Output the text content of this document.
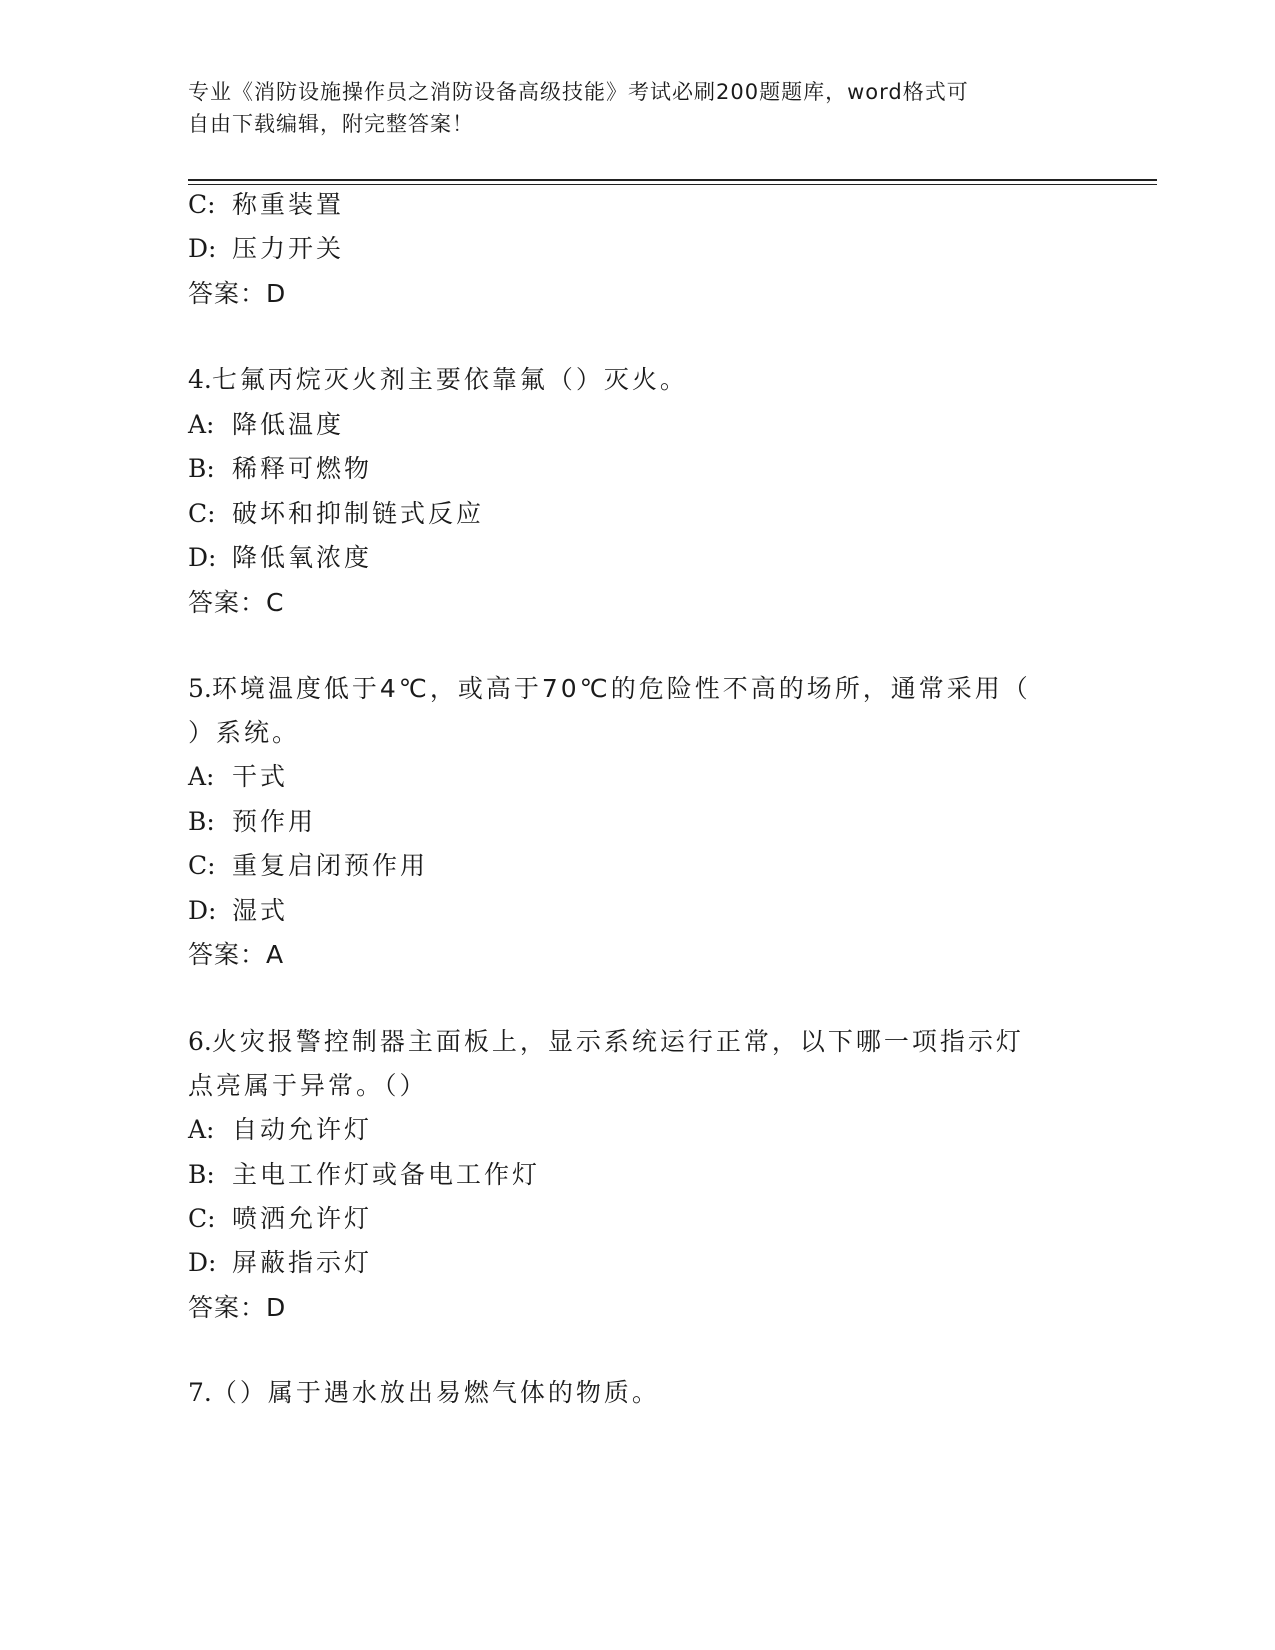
专业《消防设施操作员之消防设备高级技能》考试必刷200题题库，word格式可
自由下载编辑，附完整答案！
C: 称重装置
D: 压力开关
答案：D
4.七氟丙烷灭火剂主要依靠氟（）灭火。
A: 降低温度
B: 稀释可燃物
C: 破坏和抑制链式反应
D: 降低氧浓度
答案：C
5.环境温度低于4℃，或高于70℃的危险性不高的场所，通常采用（
）系统。
A: 干式
B: 预作用
C: 重复启闭预作用
D: 湿式
答案：A
6.火灾报警控制器主面板上，显示系统运行正常，以下哪一项指示灯
点亮属于异常。（）
A: 自动允许灯
B: 主电工作灯或备电工作灯
C: 喷洒允许灯
D: 屏蔽指示灯
答案：D
7.（）属于遇水放出易燃气体的物质。
